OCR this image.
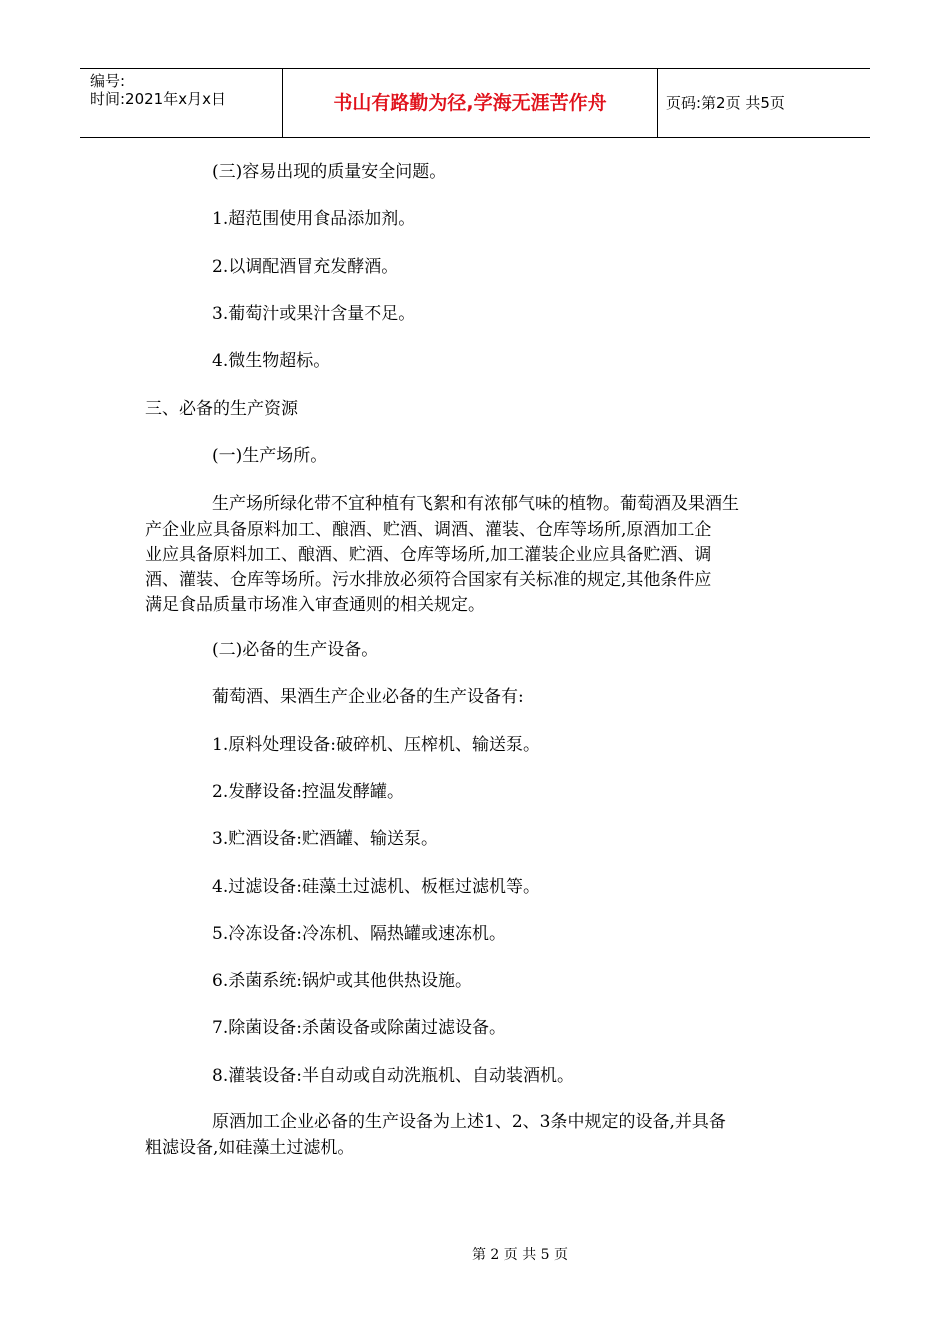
编号:
时间:2021年x月x日	书山有路勤为径,学海无涯苦作舟	页码:第2页 共5页
(三)容易出现的质量安全问题。
1.超范围使用食品添加剂。
2.以调配酒冒充发酵酒。
3.葡萄汁或果汁含量不足。
4.微生物超标。
三、必备的生产资源
(一)生产场所。
生产场所绿化带不宜种植有飞絮和有浓郁气味的植物。葡萄酒及果酒生
产企业应具备原料加工、酿酒、贮酒、调酒、灌装、仓库等场所,原酒加工企
业应具备原料加工、酿酒、贮酒、仓库等场所,加工灌装企业应具备贮酒、调
酒、灌装、仓库等场所。污水排放必须符合国家有关标准的规定,其他条件应
满足食品质量市场准入审查通则的相关规定。
(二)必备的生产设备。
葡萄酒、果酒生产企业必备的生产设备有:
1.原料处理设备:破碎机、压榨机、输送泵。
2.发酵设备:控温发酵罐。
3.贮酒设备:贮酒罐、输送泵。
4.过滤设备:硅藻土过滤机、板框过滤机等。
5.冷冻设备:冷冻机、隔热罐或速冻机。
6.杀菌系统:锅炉或其他供热设施。
7.除菌设备:杀菌设备或除菌过滤设备。
8.灌装设备:半自动或自动洗瓶机、自动装酒机。
原酒加工企业必备的生产设备为上述1、2、3条中规定的设备,并具备
粗滤设备,如硅藻土过滤机。
第 2 页 共 5 页
